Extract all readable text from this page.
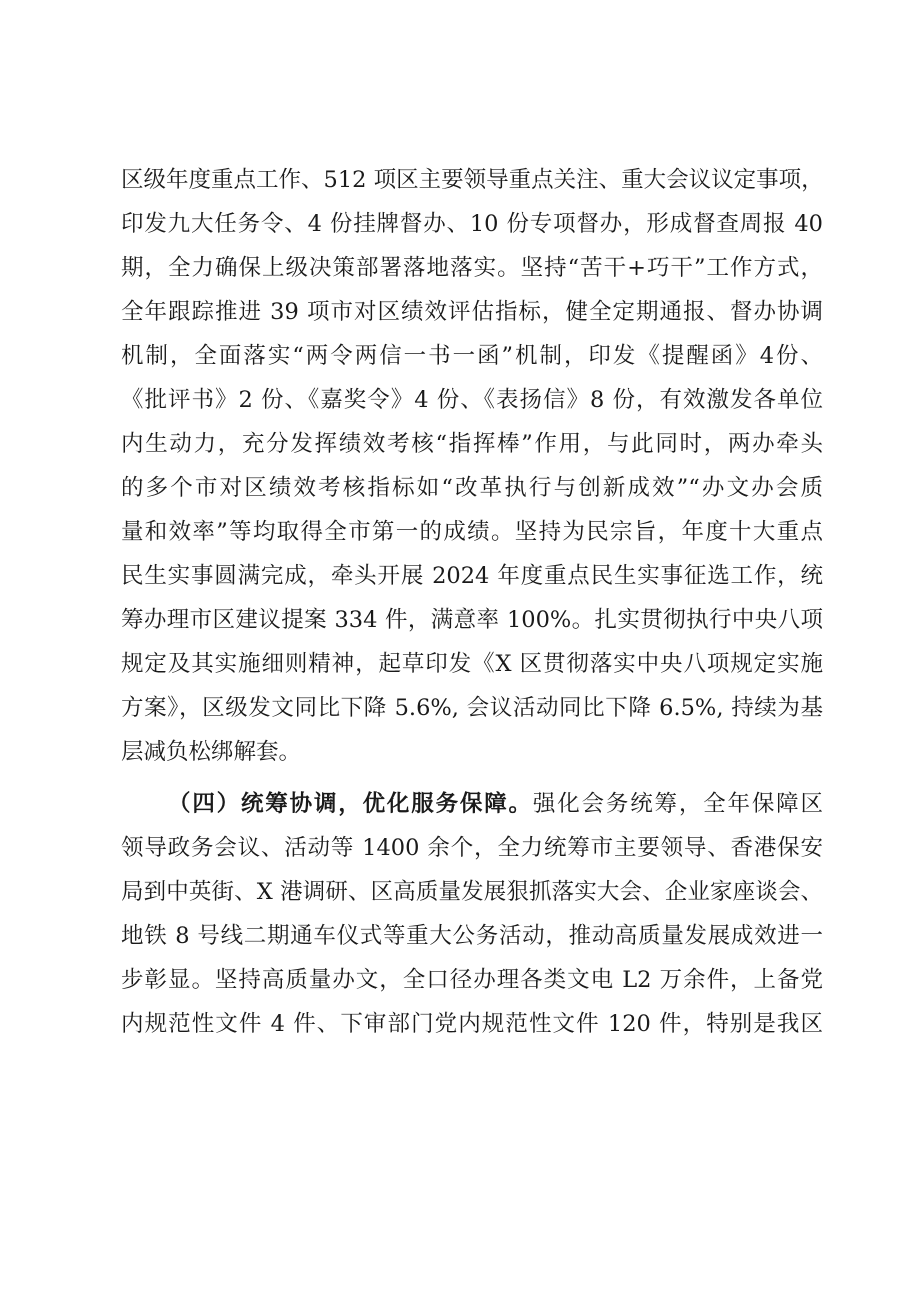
区级年度重点工作、512 项区主要领导重点关注、重大会议议定事项，
印发九大任务令、4 份挂牌督办、10 份专项督办，形成督查周报 40
期，全力确保上级决策部署落地落实。坚持“苦干+巧干”工作方式，
全年跟踪推进 39 项市对区绩效评估指标，健全定期通报、督办协调
机制，全面落实“两令两信一书一函”机制，印发《提醒函》4份、
《批评书》2 份、《嘉奖令》4 份、《表扬信》8 份，有效激发各单位
内生动力，充分发挥绩效考核“指挥棒”作用，与此同时，两办牵头
的多个市对区绩效考核指标如“改革执行与创新成效”“办文办会质
量和效率”等均取得全市第一的成绩。坚持为民宗旨，年度十大重点
民生实事圆满完成，牵头开展 2024 年度重点民生实事征选工作，统
筹办理市区建议提案 334 件，满意率 100%。扎实贯彻执行中央八项
规定及其实施细则精神，起草印发《X 区贯彻落实中央八项规定实施
方案》，区级发文同比下降 5.6%, 会议活动同比下降 6.5%, 持续为基
层减负松绑解套。
（四）统筹协调，优化服务保障。强化会务统筹，全年保障区
领导政务会议、活动等 1400 余个，全力统筹市主要领导、香港保安
局到中英街、X 港调研、区高质量发展狠抓落实大会、企业家座谈会、
地铁 8 号线二期通车仪式等重大公务活动，推动高质量发展成效进一
步彰显。坚持高质量办文，全口径办理各类文电 L2 万余件，上备党
内规范性文件 4 件、下审部门党内规范性文件 120 件，特别是我区
